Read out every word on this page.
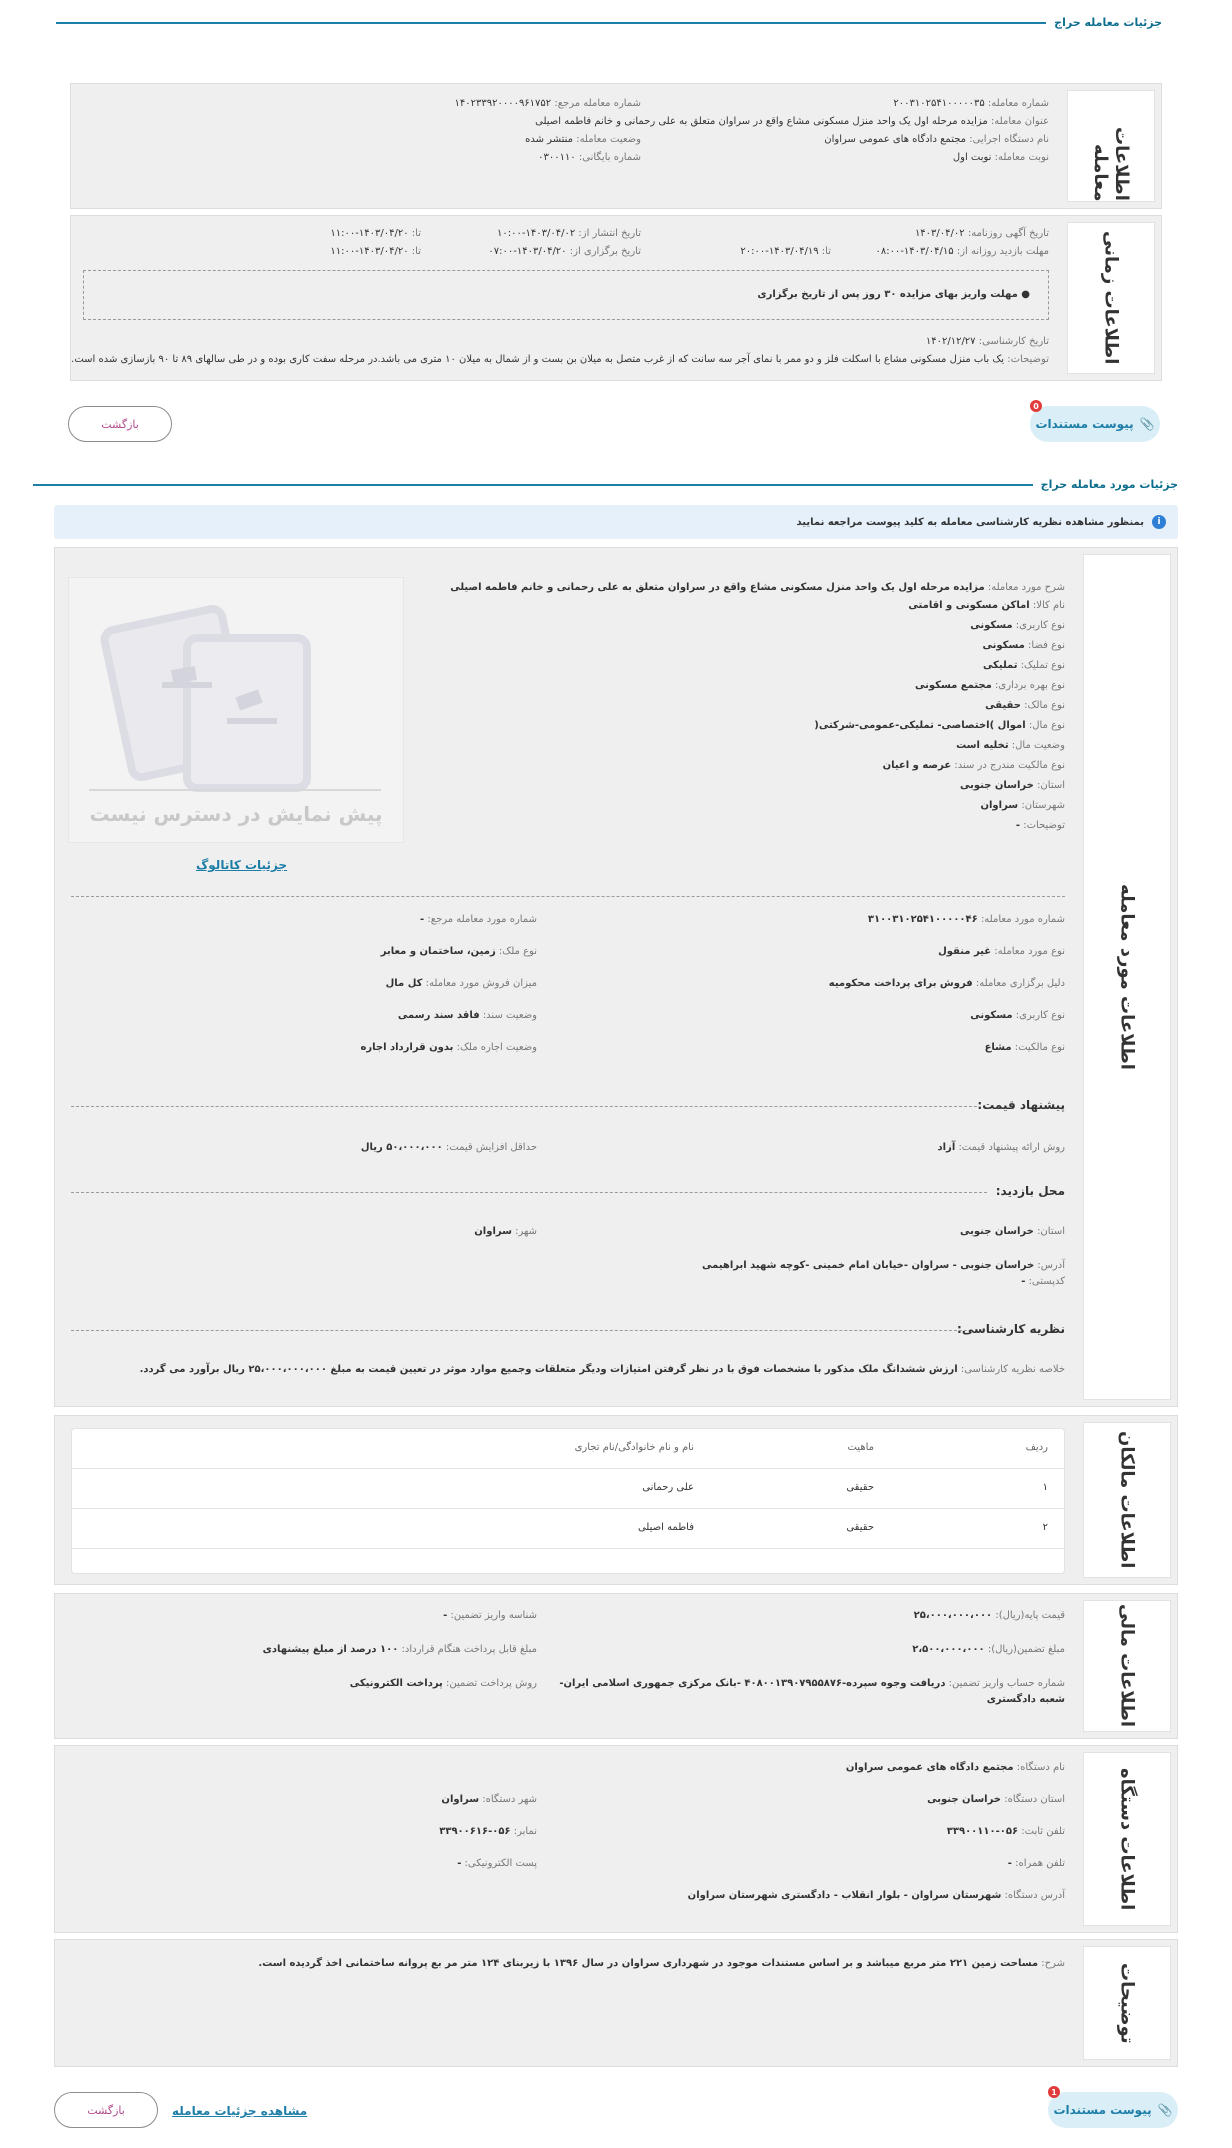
جزئیات معامله حراج
اطلاعات معامله
شماره معامله: ۲۰۰۳۱۰۲۵۴۱۰۰۰۰۰۳۵
شماره معامله مرجع: ۱۴۰۲۳۳۹۲۰۰۰۰۹۶۱۷۵۲
عنوان معامله: مزایده مرحله اول یک واحد منزل مسکونی مشاع واقع در سراوان متعلق به علی رحمانی و خانم فاطمه اصیلی
نام دستگاه اجرایی: مجتمع دادگاه های عمومی سراوان
وضعیت معامله: منتشر شده
نوبت معامله: نوبت اول
شماره بایگانی: ۰۳۰۰۱۱۰
اطلاعات زمانی
تاریخ آگهی روزنامه: ۱۴۰۳/۰۴/۰۲
تاریخ انتشار از: ۱۴۰۳/۰۴/۰۲-۱۰:۰۰
تا: ۱۴۰۳/۰۴/۲۰-۱۱:۰۰
مهلت بازدید روزانه از: ۱۴۰۳/۰۴/۱۵-۰۸:۰۰
تا: ۱۴۰۳/۰۴/۱۹-۲۰:۰۰
تاریخ برگزاری از: ۱۴۰۳/۰۴/۲۰-۰۷:۰۰
تا: ۱۴۰۳/۰۴/۲۰-۱۱:۰۰
● مهلت واریز بهای مزایده ۳۰ روز پس از تاریخ برگزاری
تاریخ کارشناسی: ۱۴۰۲/۱۲/۲۷
توضیحات: یک باب منزل مسکونی مشاع با اسکلت فلز و دو ممر با نمای آجر سه سانت که از غرب متصل به میلان بن بست و از شمال به میلان ۱۰ متری می باشد.در مرحله سفت کاری بوده و در طی سالهای ۸۹ تا ۹۰ بازسازی شده است.
📎
پیوست مستندات
0
بازگشت
جزئیات مورد معامله حراج
i
بمنظور مشاهده نظریه کارشناسی معامله به کلید پیوست مراجعه نمایید
اطلاعات مورد معامله
شرح مورد معامله: مزایده مرحله اول یک واحد منزل مسکونی مشاع واقع در سراوان متعلق به علی رحمانی و خانم فاطمه اصیلی
نام کالا: اماکن مسکونی و اقامتی
نوع کاربری: مسکونی
نوع فضا: مسکونی
نوع تملیک: تملیکی
نوع بهره برداری: مجتمع مسکونی
نوع مالک: حقیقی
نوع مال: اموال )اختصاصی- تملیکی-عمومی-شرکتی(
وضعیت مال: تخلیه است
نوع مالکیت مندرج در سند: عرصه و اعیان
استان: خراسان جنوبی
شهرستان: سراوان
توضیحات: -
شماره مورد معامله: ۳۱۰۰۳۱۰۲۵۴۱۰۰۰۰۰۴۶
شماره مورد معامله مرجع: -
نوع مورد معامله: غیر منقول
نوع ملک: زمین، ساختمان و معابر
دلیل برگزاری معامله: فروش برای پرداخت محکومیه
میزان فروش مورد معامله: کل مال
نوع کاربری: مسکونی
وضعیت سند: فاقد سند رسمی
نوع مالکیت: مشاع
وضعیت اجاره ملک: بدون قرارداد اجاره
پیشنهاد قیمت:
روش ارائه پیشنهاد قیمت: آزاد
حداقل افزایش قیمت: ۵۰،۰۰۰،۰۰۰ ریال
محل بازدید:
استان: خراسان جنوبی
شهر: سراوان
آدرس: خراسان جنوبی - سراوان -خیابان امام خمینی -کوچه شهید ابراهیمی
کدپستی: -
نظریه کارشناسی:
خلاصه نظریه کارشناسی: ارزش ششدانگ ملک مذکور با مشخصات فوق با در نظر گرفتن امتیازات ودیگر متعلقات وجمیع موارد موثر در تعیین قیمت به مبلغ ۲۵،۰۰۰،۰۰۰،۰۰۰ ریال برآورد می گردد.
پیش نمایش در دسترس نیست
جزئیات کاتالوگ
اطلاعات مالکان
ردیف
ماهیت
نام و نام خانوادگی/نام تجاری
۱
حقیقی
علی رحمانی
۲
حقیقی
فاطمه اصیلی
اطلاعات مالی
قیمت پایه(ریال): ۲۵،۰۰۰،۰۰۰،۰۰۰
شناسه واریز تضمین: -
مبلغ تضمین(ریال): ۲،۵۰۰،۰۰۰،۰۰۰
مبلغ قابل پرداخت هنگام قرارداد: ۱۰۰ درصد از مبلغ پیشنهادی
شماره حساب واریز تضمین: دریافت وجوه سپرده-۴۰۸۰۰۱۳۹۰۷۹۵۵۸۷۶ -بانک مرکزی جمهوری اسلامی ایران-
شعبه دادگستری
روش پرداخت تضمین: پرداخت الکترونیکی
اطلاعات دستگاه
نام دستگاه: مجتمع دادگاه های عمومی سراوان
استان دستگاه: خراسان جنوبی
شهر دستگاه: سراوان
تلفن ثابت: ۰۵۶-۳۳۹۰۰۱۱۰
نمابر: ۰۵۶-۳۳۹۰۰۶۱۶
تلفن همراه: -
پست الکترونیکی: -
آدرس دستگاه: شهرستان سراوان - بلوار انقلاب - دادگستری شهرستان سراوان
توضیحات
شرح: مساحت زمین ۲۲۱ متر مربع میباشد و بر اساس مستندات موجود در شهرداری سراوان در سال ۱۳۹۶ با زیربنای ۱۲۴ متر مر بع پروانه ساختمانی اخذ گردیده است.
📎
پیوست مستندات
1
مشاهده جزئیات معامله
بازگشت
